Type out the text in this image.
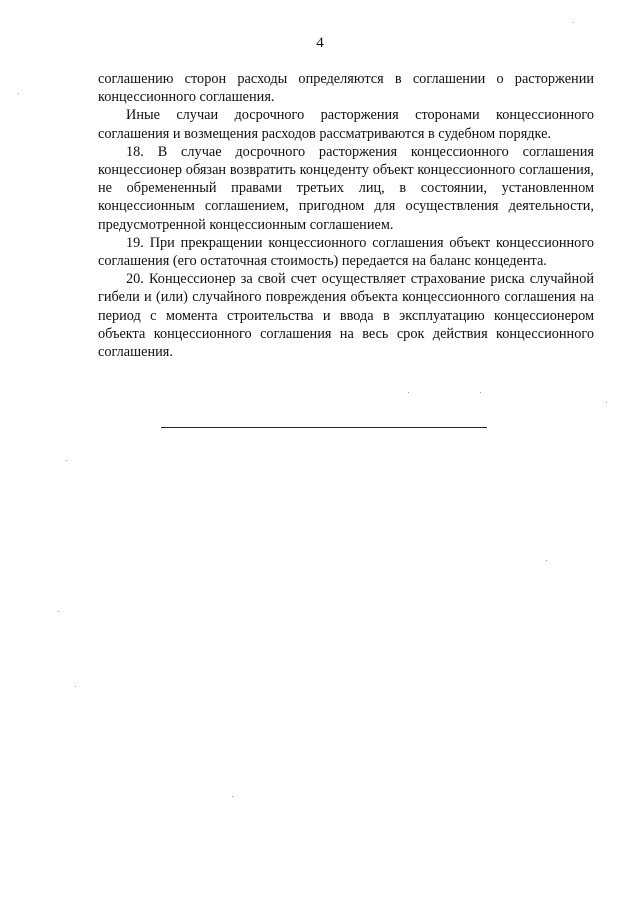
4

соглашению сторон расходы определяются в соглашении о расторжении концессионного соглашения.

Иные случаи досрочного расторжения сторонами концессионного соглашения и возмещения расходов рассматриваются в судебном порядке.

18. В случае досрочного расторжения концессионного соглашения концессионер обязан возвратить концеденту объект концессионного соглашения, не обремененный правами третьих лиц, в состоянии, установленном концессионным соглашением, пригодном для осуществления деятельности, предусмотренной концессионным соглашением.

19. При прекращении концессионного соглашения объект концессионного соглашения (его остаточная стоимость) передается на баланс концедента.

20. Концессионер за свой счет осуществляет страхование риска случайной гибели и (или) случайного повреждения объекта концессионного соглашения на период с момента строительства и ввода в эксплуатацию концессионером объекта концессионного соглашения на весь срок действия концессионного соглашения.
